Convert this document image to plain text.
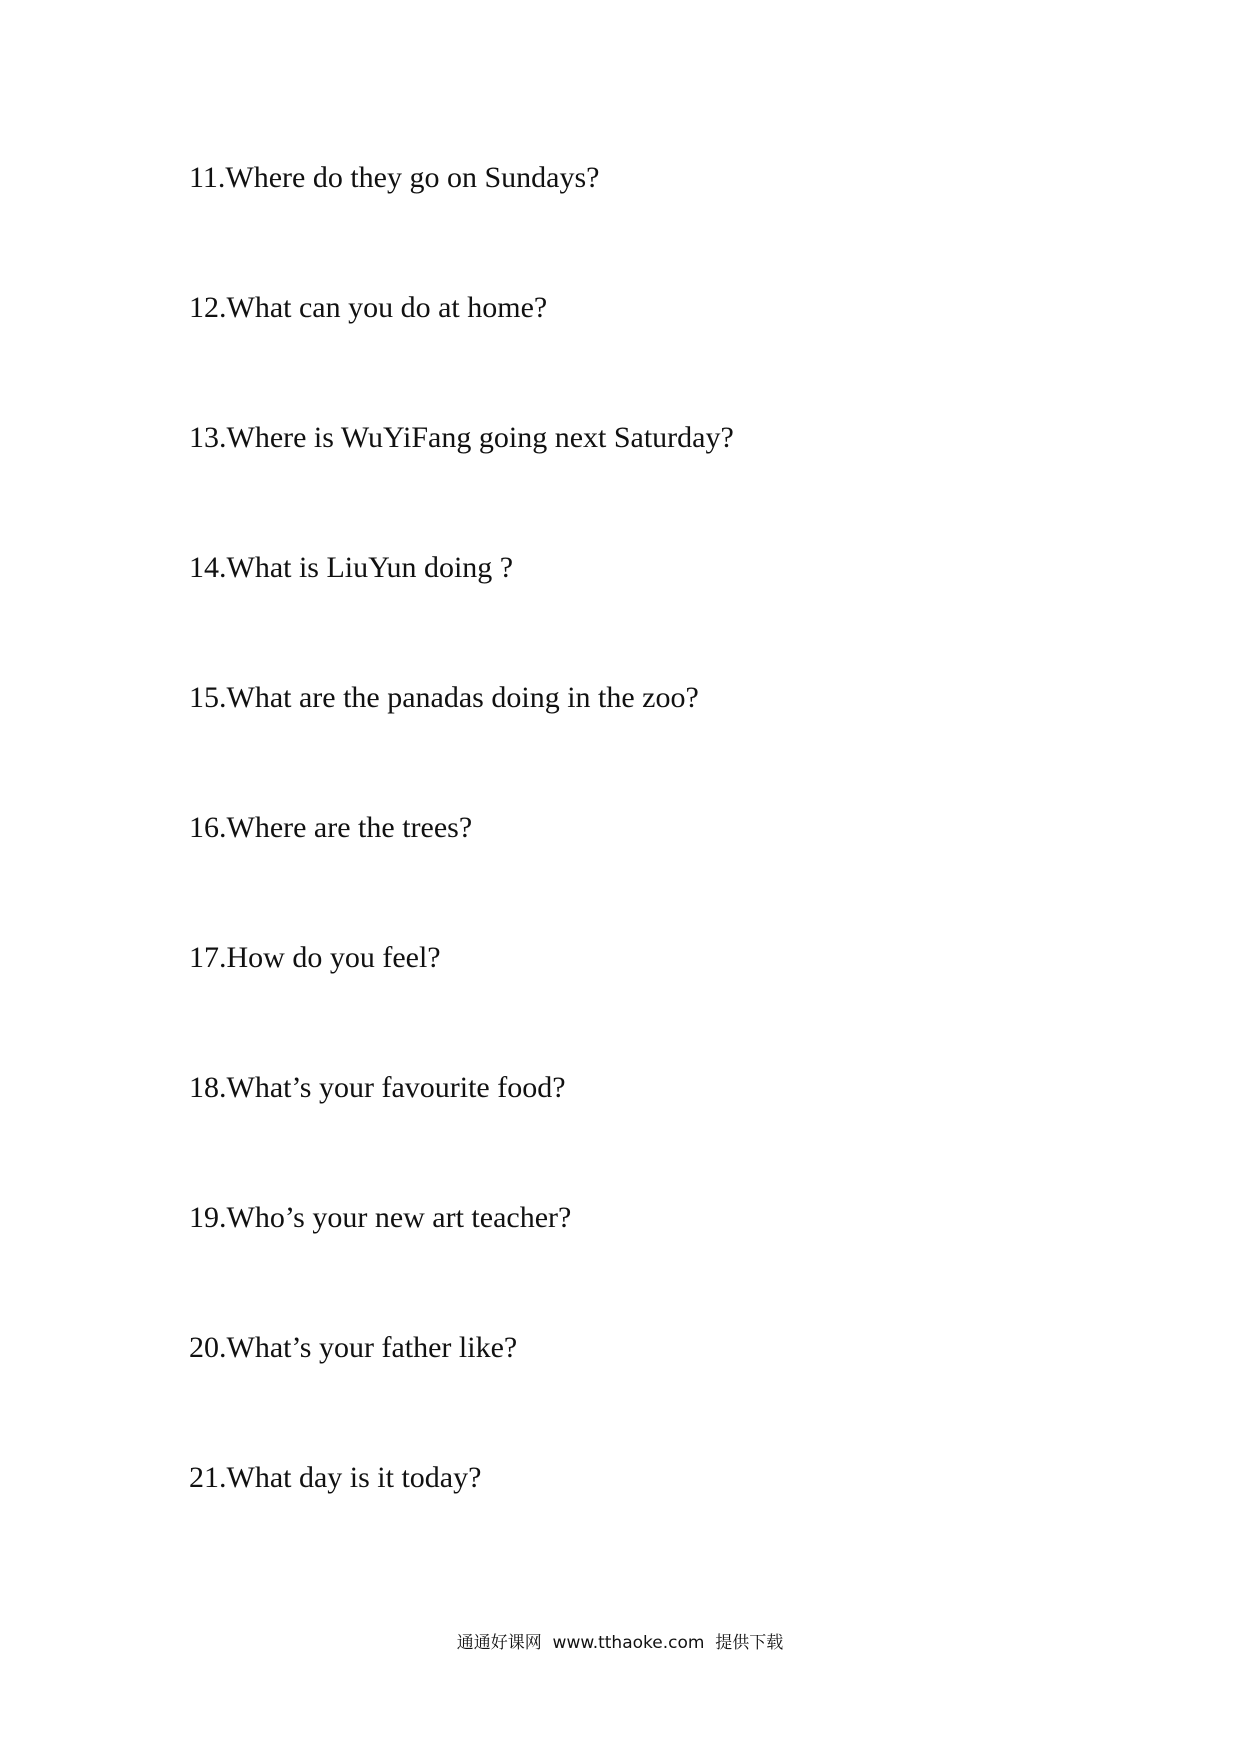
11.Where do they go on Sundays?
12.What can you do at home?
13.Where is WuYiFang going next Saturday?
14.What is LiuYun doing ?
15.What are the panadas doing in the zoo?
16.Where are the trees?
17.How do you feel?
18.What’s your favourite food?
19.Who’s your new art teacher?
20.What’s your father like?
21.What day is it today?
通通好课网  www.tthaoke.com  提供下载
